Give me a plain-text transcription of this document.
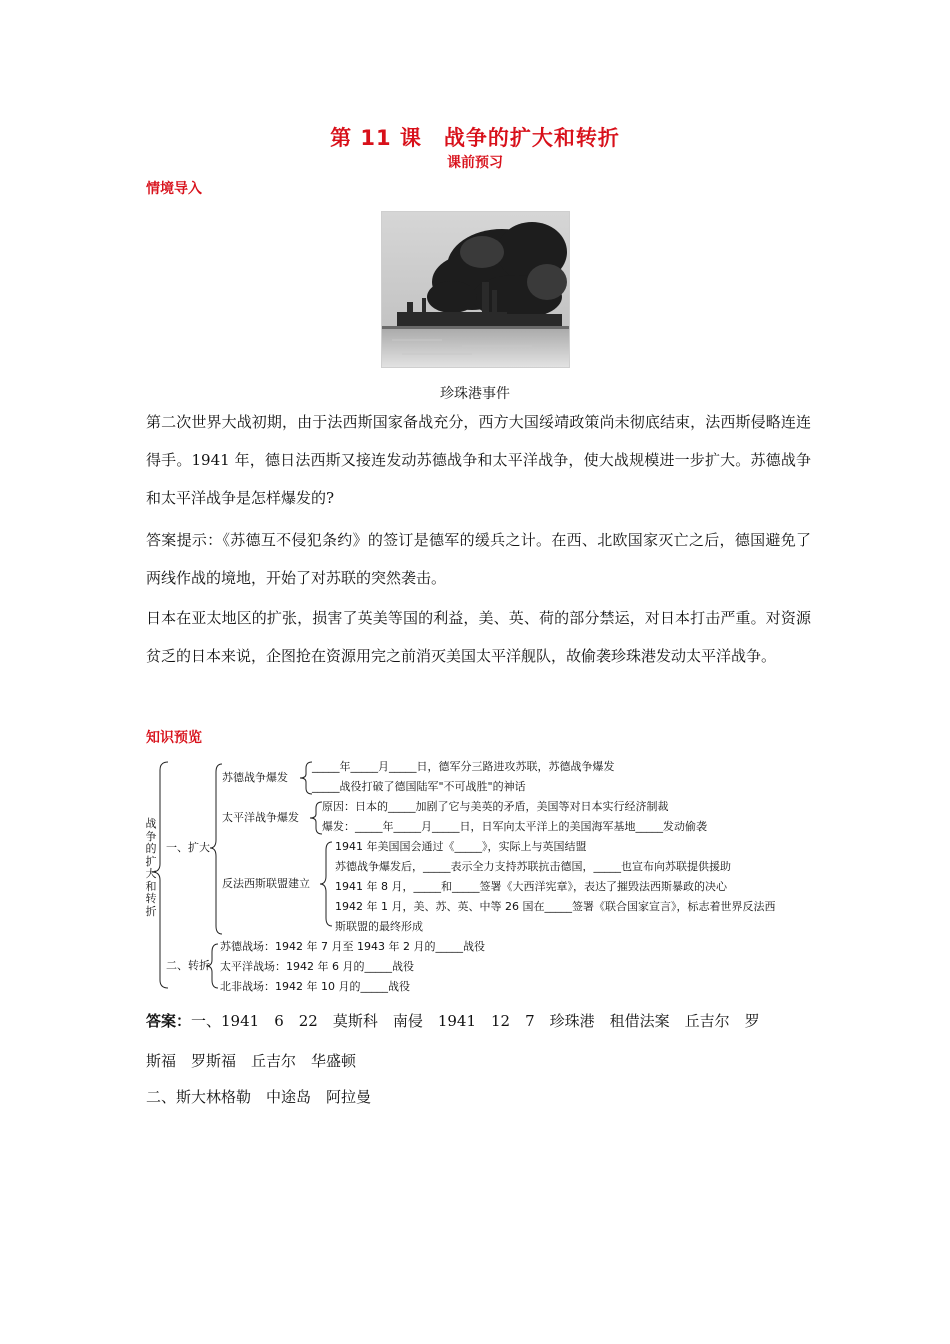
第 11 课　战争的扩大和转折
课前预习
情境导入
珍珠港事件

第二次世界大战初期，由于法西斯国家备战充分，西方大国绥靖政策尚未彻底结束，法西斯侵略连连得手。1941 年，德日法西斯又接连发动苏德战争和太平洋战争，使大战规模进一步扩大。苏德战争和太平洋战争是怎样爆发的?

答案提示：《苏德互不侵犯条约》的签订是德军的缓兵之计。在西、北欧国家灭亡之后，德国避免了两线作战的境地，开始了对苏联的突然袭击。

日本在亚太地区的扩张，损害了英美等国的利益，美、英、荷的部分禁运，对日本打击严重。对资源贫乏的日本来说，企图抢在资源用完之前消灭美国太平洋舰队，故偷袭珍珠港发动太平洋战争。

知识预览
战争的扩大和转折
一、扩大
二、转折
苏德战争爆发
_____年_____月_____日，德军分三路进攻苏联，苏德战争爆发
_____战役打破了德国陆军"不可战胜"的神话
太平洋战争爆发
原因：日本的_____加剧了它与美英的矛盾，美国等对日本实行经济制裁
爆发：_____年_____月_____日，日军向太平洋上的美国海军基地_____发动偷袭
反法西斯联盟建立
1941 年美国国会通过《_____》，实际上与英国结盟
苏德战争爆发后，_____表示全力支持苏联抗击德国，_____也宣布向苏联提供援助
1941 年 8 月，_____和_____签署《大西洋宪章》，表达了摧毁法西斯暴政的决心
1942 年 1 月，美、苏、英、中等 26 国在_____签署《联合国家宣言》，标志着世界反法西
斯联盟的最终形成
苏德战场：1942 年 7 月至 1943 年 2 月的_____战役
太平洋战场：1942 年 6 月的_____战役
北非战场：1942 年 10 月的_____战役
答案：一、1941　6　22　莫斯科　南侵　1941　12　7　珍珠港　租借法案　丘吉尔　罗
斯福　罗斯福　丘吉尔　华盛顿
二、斯大林格勒　中途岛　阿拉曼
